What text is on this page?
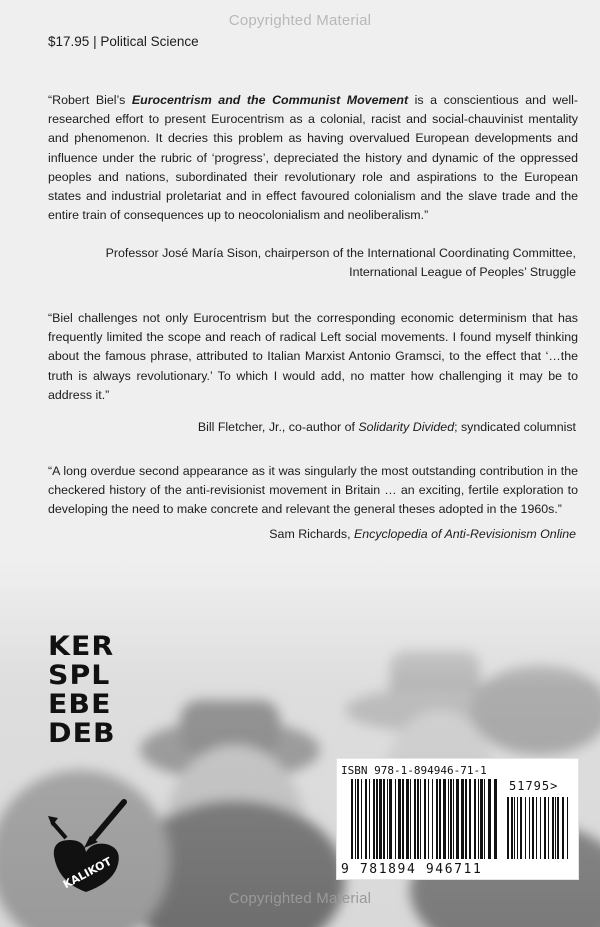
Copyrighted Material
$17.95 | Political Science
“Robert Biel’s Eurocentrism and the Communist Movement is a conscientious and well-researched effort to present Eurocentrism as a colonial, racist and social-chauvinist mentality and phenomenon. It decries this problem as having overvalued European developments and influence under the rubric of ‘progress’, depreciated the history and dynamic of the oppressed peoples and nations, subordinated their revolutionary role and aspirations to the European states and industrial proletariat and in effect favoured colonialism and the slave trade and the entire train of consequences up to neocolonialism and neoliberalism.”
Professor José María Sison, chairperson of the International Coordinating Committee,
International League of Peoples’ Struggle
“Biel challenges not only Eurocentrism but the corresponding economic determinism that has frequently limited the scope and reach of radical Left social movements. I found myself thinking about the famous phrase, attributed to Italian Marxist Antonio Gramsci, to the effect that ‘…the truth is always revolutionary.’ To which I would add, no matter how challenging it may be to address it.”
Bill Fletcher, Jr., co-author of Solidarity Divided; syndicated columnist
“A long overdue second appearance as it was singularly the most outstanding contribution in the checkered history of the anti-revisionist movement in Britain … an exciting, fertile exploration to developing the need to make concrete and relevant the general theses adopted in the 1960s.”
Sam Richards, Encyclopedia of Anti-Revisionism Online
KER
SPL
EBE
DEB
KALIKOT
ISBN 978-1-894946-71-1
9 781894 946711
51795>
Copyrighted Material
